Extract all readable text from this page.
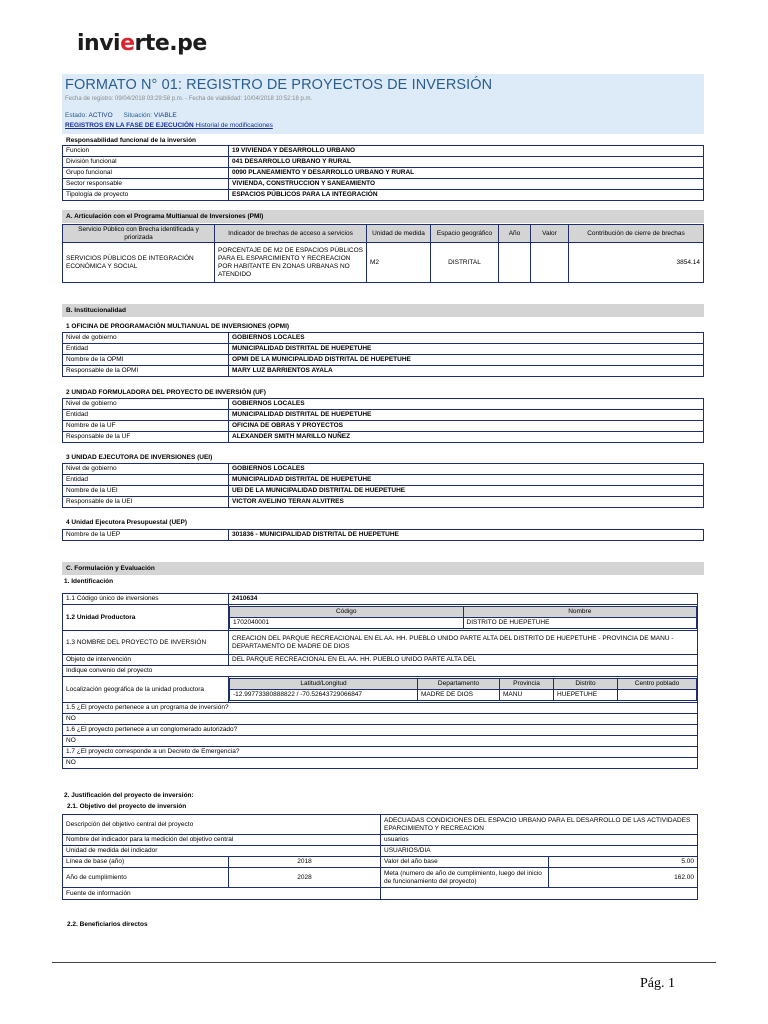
invierte.pe
FORMATO N° 01: REGISTRO DE PROYECTOS DE INVERSIÓN
Fecha de registro: 09/04/2018 03:29:58 p.m. - Fecha de viabilidad: 10/04/2018 10:52:18 p.m.
Estado: ACTIVO Situación: VIABLE
REGISTROS EN LA FASE DE EJECUCIÓN Historial de modificaciones
Responsabilidad funcional de la inversión
Funcion	19 VIVIENDA Y DESARROLLO URBANO
División funcional	041 DESARROLLO URBANO Y RURAL
Grupo funcional	0090 PLANEAMIENTO Y DESARROLLO URBANO Y RURAL
Sector responsable	VIVIENDA, CONSTRUCCION Y SANEAMIENTO
Tipología de proyecto	ESPACIOS PÚBLICOS PARA LA INTEGRACIÓN
A. Articulación con el Programa Multianual de Inversiones (PMI)
Servicio Público con Brecha identificada y priorizada	Indicador de brechas de acceso a servicios	Unidad de medida	Espacio geográfico	Año	Valor	Contribución de cierre de brechas
SERVICIOS PÚBLICOS DE INTEGRACIÓN ECONÓMICA Y SOCIAL	PORCENTAJE DE M2 DE ESPACIOS PÚBLICOS PARA EL ESPARCIMIENTO Y RECREACION POR HABITANTE EN ZONAS URBANAS NO ATENDIDO	M2	DISTRITAL			3854.14
B. Institucionalidad
1 OFICINA DE PROGRAMACIÓN MULTIANUAL DE INVERSIONES (OPMI)
Nivel de gobierno	GOBIERNOS LOCALES
Entidad	MUNICIPALIDAD DISTRITAL DE HUEPETUHE
Nombre de la OPMI	OPMI DE LA MUNICIPALIDAD DISTRITAL DE HUEPETUHE
Responsable de la OPMI	MARY LUZ BARRIENTOS AYALA
2 UNIDAD FORMULADORA DEL PROYECTO DE INVERSIÓN (UF)
Nivel de gobierno	GOBIERNOS LOCALES
Entidad	MUNICIPALIDAD DISTRITAL DE HUEPETUHE
Nombre de la UF	OFICINA DE OBRAS Y PROYECTOS
Responsable de la UF	ALEXANDER SMITH MARILLO NUÑEZ
3 UNIDAD EJECUTORA DE INVERSIONES (UEI)
Nivel de gobierno	GOBIERNOS LOCALES
Entidad	MUNICIPALIDAD DISTRITAL DE HUEPETUHE
Nombre de la UEI	UEI DE LA MUNICIPALIDAD DISTRITAL DE HUEPETUHE
Responsable de la UEI	VICTOR AVELINO TERAN ALVITRES
4 Unidad Ejecutora Presupuestal (UEP)
Nombre de la UEP	301836 - MUNICIPALIDAD DISTRITAL DE HUEPETUHE
C. Formulación y Evaluación
1. Identificación
1.1 Código único de inversiones	2410634
1.2 Unidad Productora	
Código	Nombre
1702040001	DISTRITO DE HUEPETUHE

1.3 NOMBRE DEL PROYECTO DE INVERSIÓN	CREACION DEL PARQUE RECREACIONAL EN EL AA. HH. PUEBLO UNIDO PARTE ALTA DEL DISTRITO DE HUEPETUHE - PROVINCIA DE MANU - DEPARTAMENTO DE MADRE DE DIOS
Objeto de intervención	DEL PARQUE RECREACIONAL EN EL AA. HH. PUEBLO UNIDO PARTE ALTA DEL
Indique convenio del proyecto
Localización geográfica de la unidad productora	
Latitud/Longitud	Departamento	Provincia	Distrito	Centro poblado
-12.99773380888822 / -70.52643729066847	MADRE DE DIOS	MANU	HUEPETUHE	

1.5 ¿El proyecto pertenece a un programa de inversión?
NO
1.6 ¿El proyecto pertenece a un conglomerado autorizado?
NO
1.7 ¿El proyecto corresponde a un Decreto de Emergencia?
NO
2. Justificación del proyecto de inversión:
2.1. Objetivo del proyecto de inversión
Descripción del objetivo central del proyecto		ADECUADAS CONDICIONES DEL ESPACIO URBANO PARA EL DESARROLLO DE LAS ACTIVIDADES EPARCIMIENTO Y RECREACION	
Nombre del indicador para la medición del objetivo central		usuarios	
Unidad de medida del indicador		USUARIOS/DIA	
Línea de base (año)	2018	Valor del año base	5.00
Año de cumplimiento	2028	Meta (numero de año de cumplimiento, luego del inicio de funcionamiento del proyecto)	162.00
Fuente de información			
2.2. Beneficiarios directos
Pág. 1
